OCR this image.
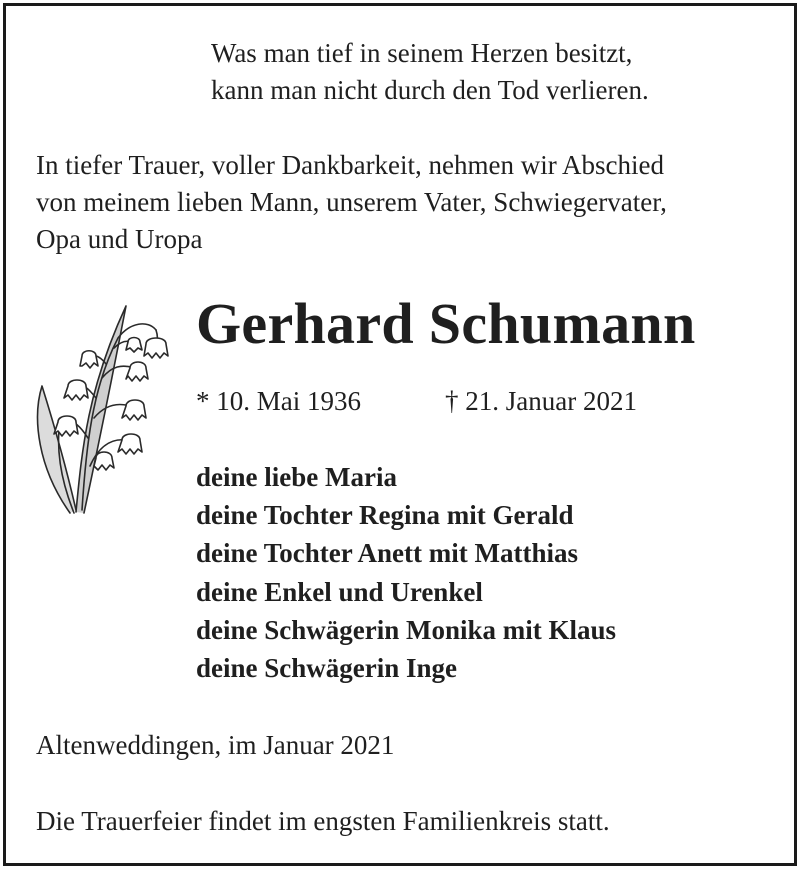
Was man tief in seinem Herzen besitzt,
kann man nicht durch den Tod verlieren.
In tiefer Trauer, voller Dankbarkeit, nehmen wir Abschied
von meinem lieben Mann, unserem Vater, Schwiegervater,
Opa und Uropa
Gerhard Schumann
* 10. Mai 1936	† 21. Januar 2021
deine liebe Maria
deine Tochter Regina mit Gerald
deine Tochter Anett mit Matthias
deine Enkel und Urenkel
deine Schwägerin Monika mit Klaus
deine Schwägerin Inge
Altenweddingen, im Januar 2021
Die Trauerfeier findet im engsten Familienkreis statt.
